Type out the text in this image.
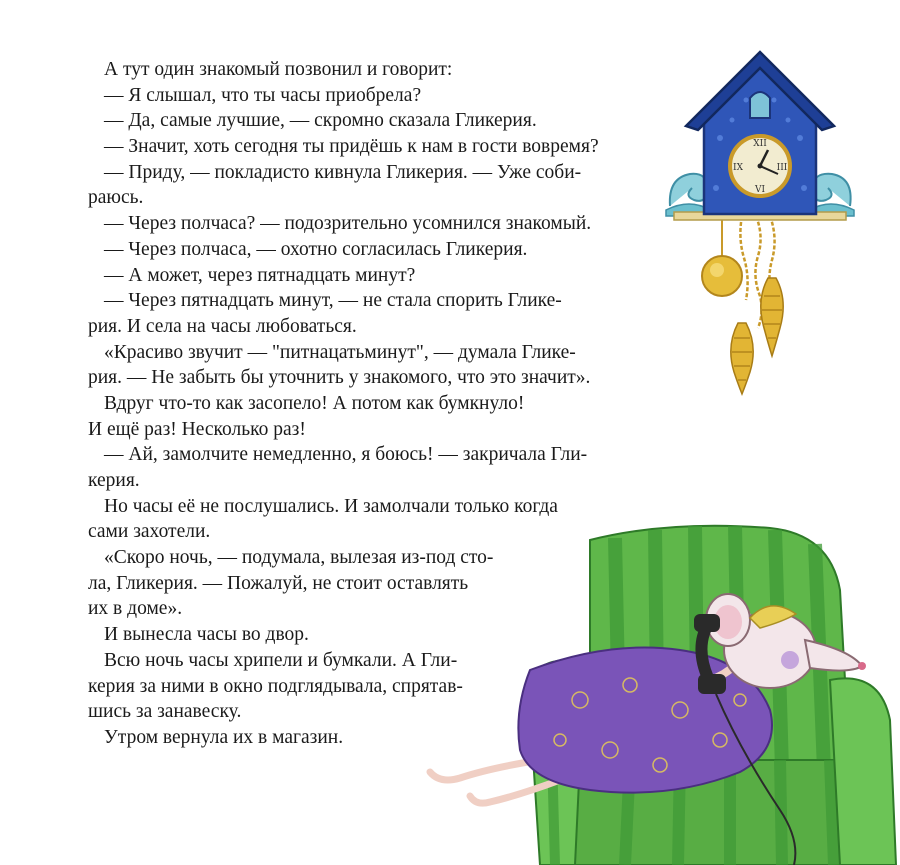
А тут один знакомый позвонил и говорит:
— Я слышал, что ты часы приобрела?
— Да, самые лучшие, — скромно сказала Гликерия.
— Значит, хоть сегодня ты придёшь к нам в гости вовремя?
— Приду, — покладисто кивнула Гликерия. — Уже соби-
раюсь.
— Через полчаса? — подозрительно усомнился знакомый.
— Через полчаса, — охотно согласилась Гликерия.
— А может, через пятнадцать минут?
— Через пятнадцать минут, — не стала спорить Глике-
рия. И села на часы любоваться.
«Красиво звучит — "питнацатьминут", — думала Глике-
рия. — Не забыть бы уточнить у знакомого, что это значит».
Вдруг что-то как засопело! А потом как бумкнуло!
И ещё раз! Несколько раз!
— Ай, замолчите немедленно, я боюсь! — закричала Гли-
керия.
Но часы её не послушались. И замолчали только когда
сами захотели.
«Скоро ночь, — подумала, вылезая из-под сто-
ла, Гликерия. — Пожалуй, не стоит оставлять
их в доме».
И вынесла часы во двор.
Всю ночь часы хрипели и бумкали. А Гли-
керия за ними в окно подглядывала, спрятав-
шись за занавеску.
Утром вернула их в магазин.
XII
III
VI
IX
